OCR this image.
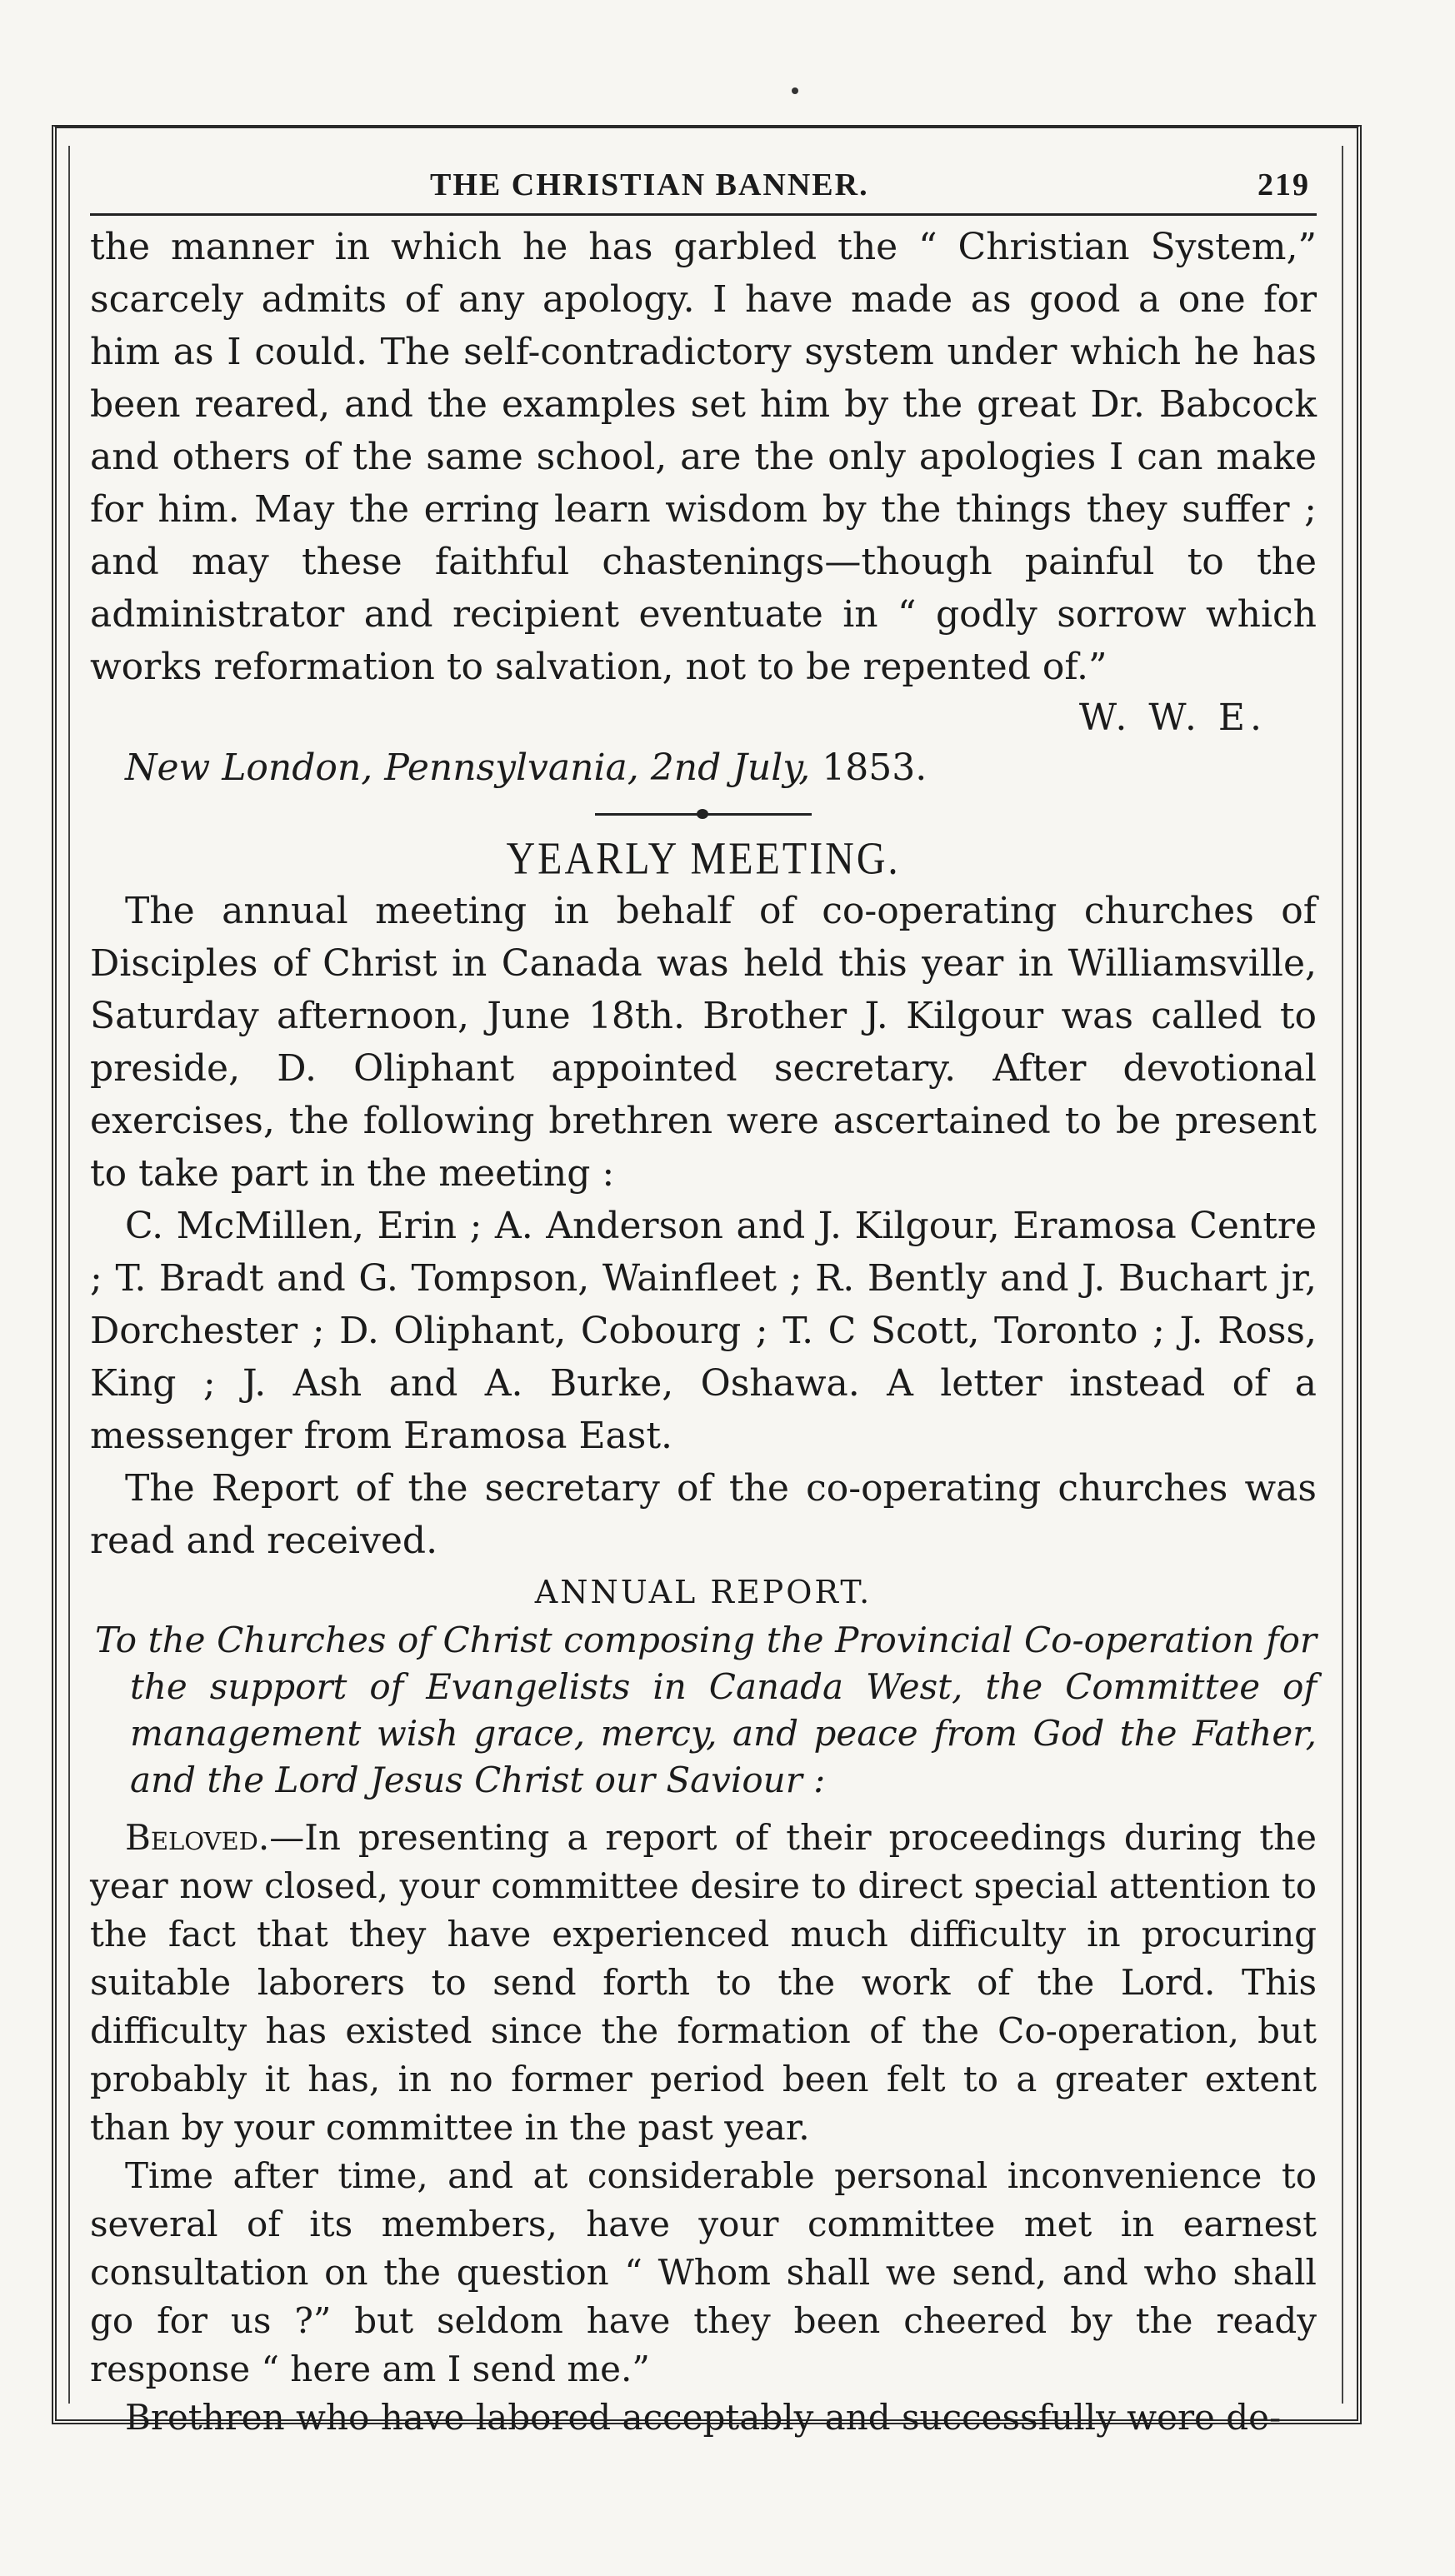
THE CHRISTIAN BANNER.	219

the manner in which he has garbled the “ Christian System,” scarcely admits of any apology. I have made as good a one for him as I could. The self-contradictory system under which he has been reared, and the examples set him by the great Dr. Babcock and others of the same school, are the only apologies I can make for him. May the erring learn wisdom by the things they suffer ; and may these faithful chastenings—though painful to the administrator and recipient eventuate in “ godly sorrow which works reformation to salvation, not to be repented of.”

W. W. E.
New London, Pennsylvania, 2nd July, 1853.
YEARLY MEETING.

The annual meeting in behalf of co-operating churches of Disciples of Christ in Canada was held this year in Williamsville, Saturday afternoon, June 18th. Brother J. Kilgour was called to preside, D. Oliphant appointed secretary. After devotional exercises, the following brethren were ascertained to be present to take part in the meeting :

C. McMillen, Erin ; A. Anderson and J. Kilgour, Eramosa Centre ; T. Bradt and G. Tompson, Wainfleet ; R. Bently and J. Buchart jr, Dorchester ; D. Oliphant, Cobourg ; T. C Scott, Toronto ; J. Ross, King ; J. Ash and A. Burke, Oshawa. A letter instead of a messenger from Eramosa East.

The Report of the secretary of the co-operating churches was read and received.

ANNUAL REPORT.
To the Churches of Christ composing the Provincial Co-operation for the support of Evangelists in Canada West, the Committee of management wish grace, mercy, and peace from God the Father, and the Lord Jesus Christ our Saviour :

Beloved.—In presenting a report of their proceedings during the year now closed, your committee desire to direct special attention to the fact that they have experienced much difficulty in procuring suitable laborers to send forth to the work of the Lord. This difficulty has existed since the formation of the Co-operation, but probably it has, in no former period been felt to a greater extent than by your committee in the past year.

Time after time, and at considerable personal inconvenience to several of its members, have your committee met in earnest consultation on the question “ Whom shall we send, and who shall go for us ?” but seldom have they been cheered by the ready response “ here am I send me.”

Brethren who have labored acceptably and successfully were de-
